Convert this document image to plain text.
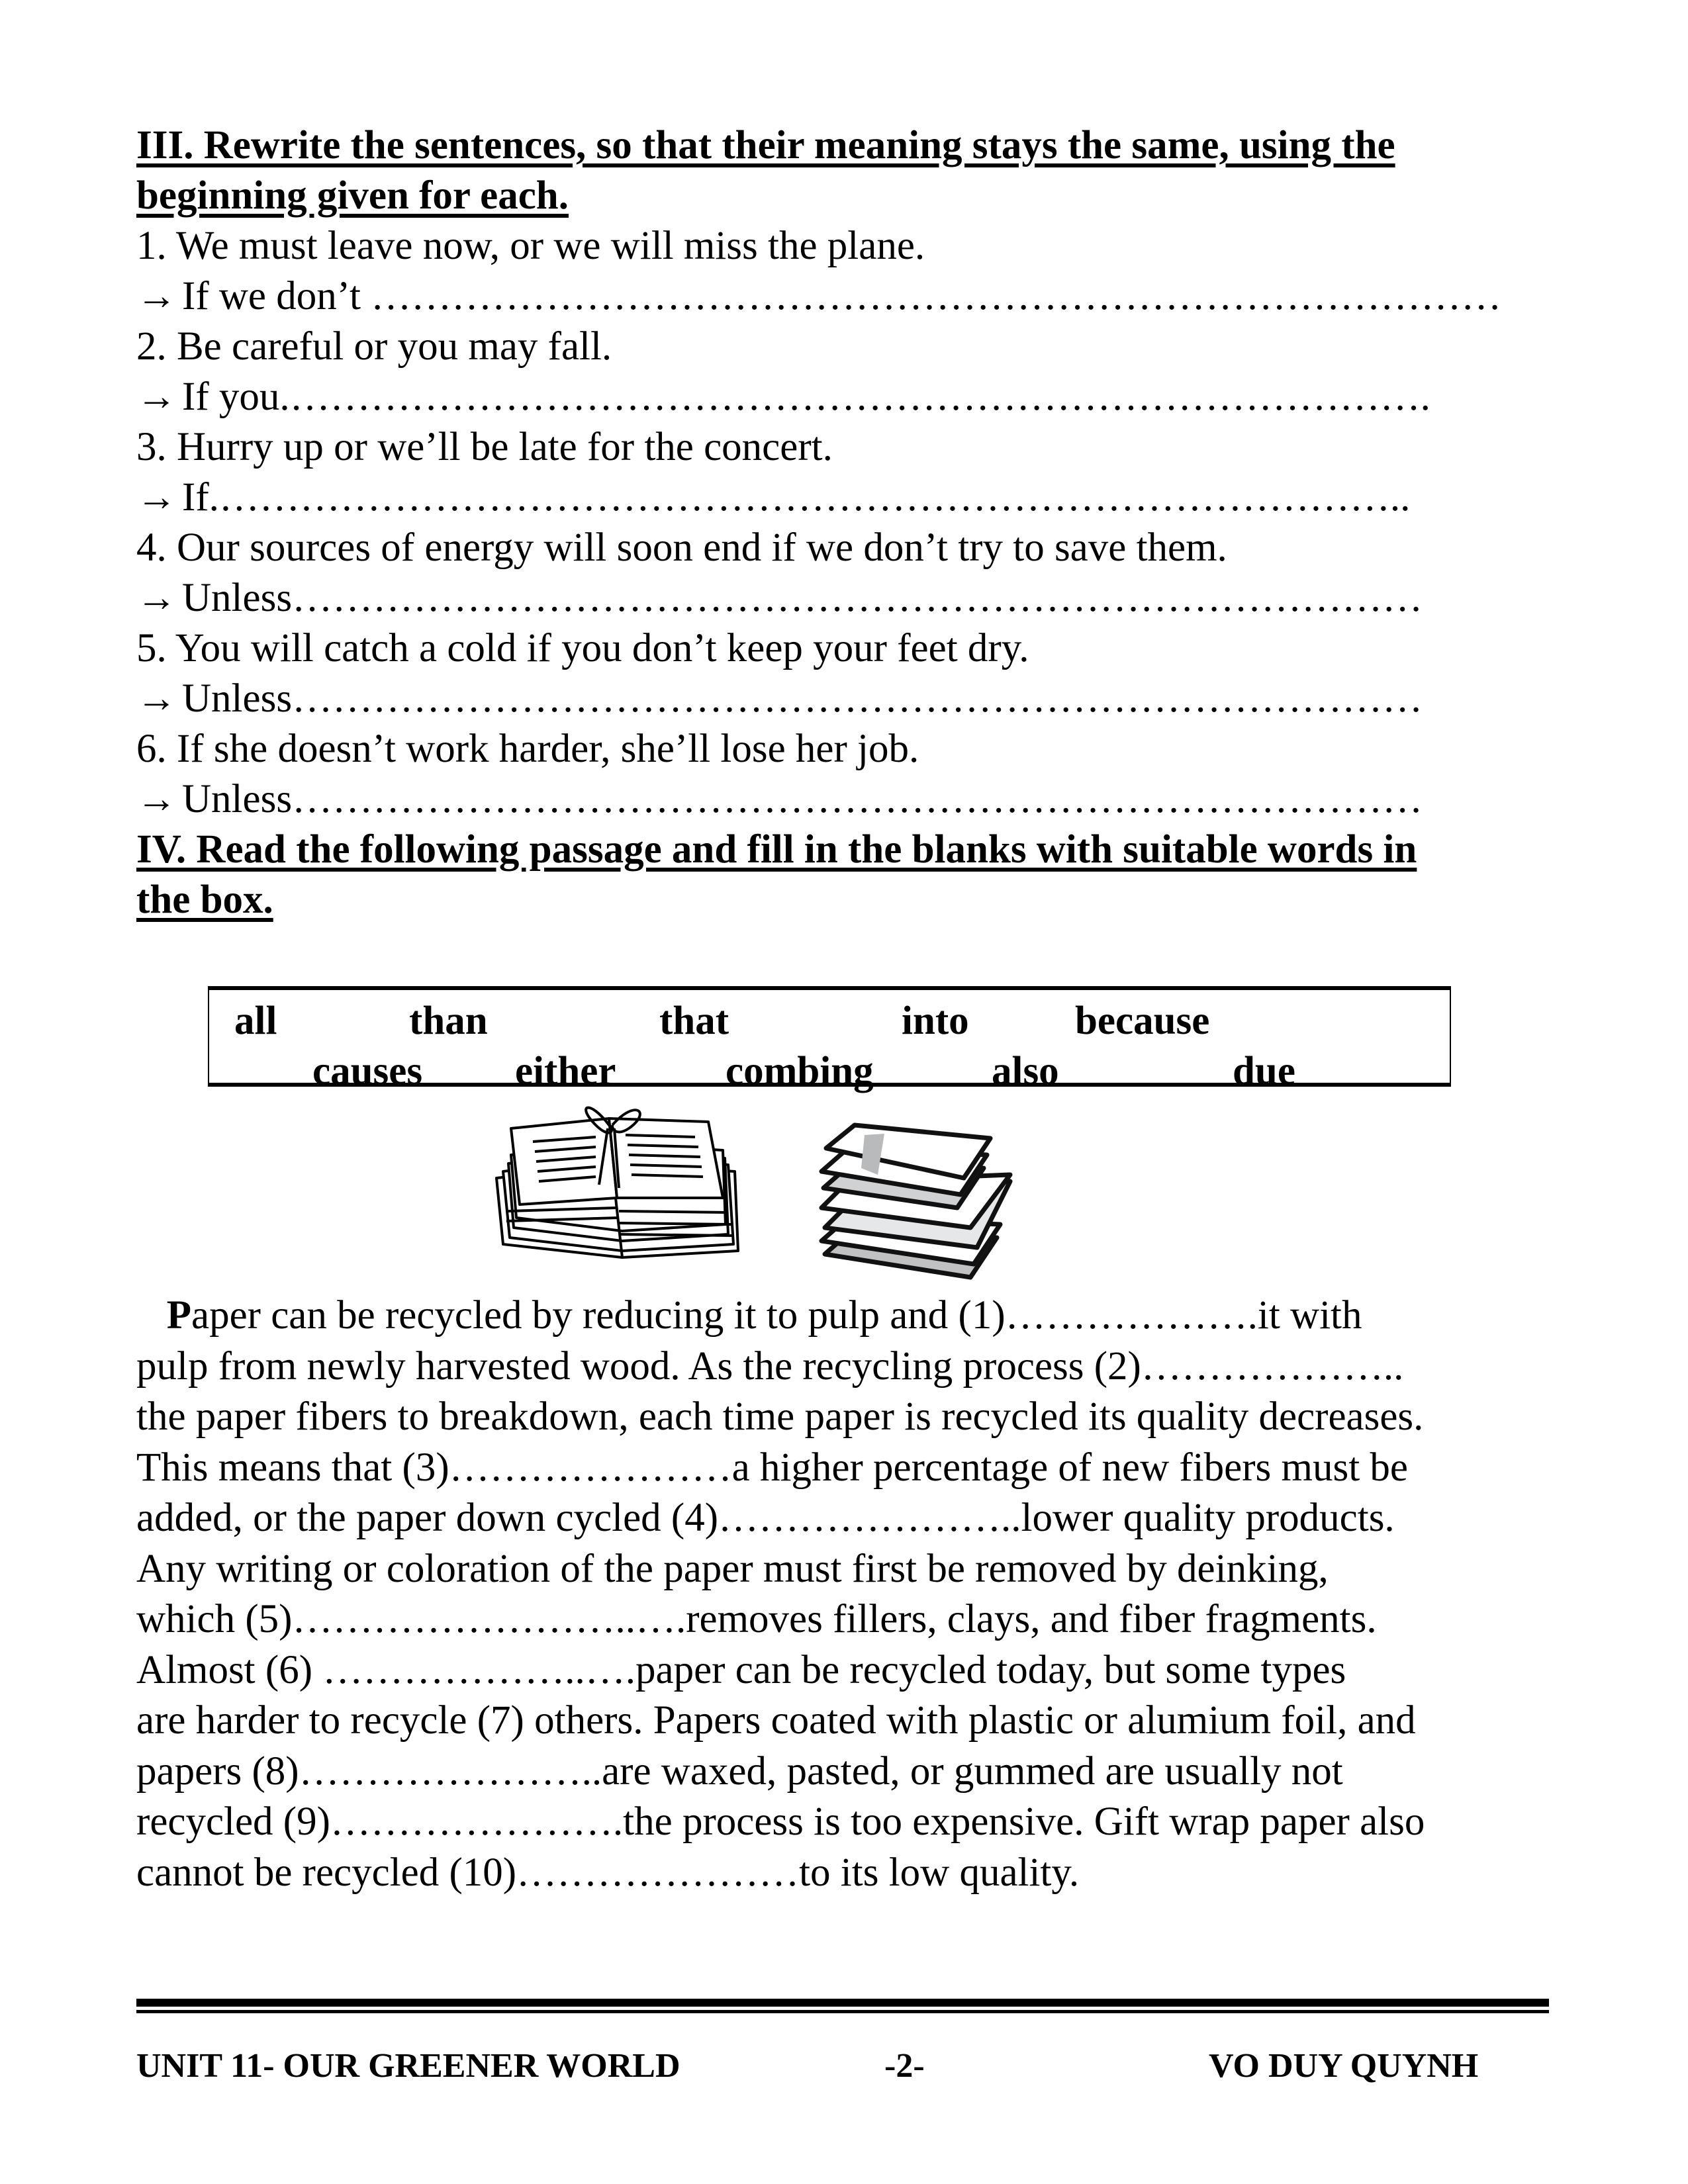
III. Rewrite the sentences, so that their meaning stays the same, using the
beginning given for each.
1. We must leave now, or we will miss the plane.
→ If we don’t …………………………………………………………………………
2. Be careful or you may fall.
→ If you.………………………………………………………………………….
3. Hurry up or we’ll be late for the concert.
→ If.……………………………………………………………………………..
4. Our sources of energy will soon end if we don’t try to save them.
→ Unless…………………………………………………………………………
5. You will catch a cold if you don’t keep your feet dry.
→ Unless…………………………………………………………………………
6. If she doesn’t work harder, she’ll lose her job.
→ Unless…………………………………………………………………………
IV. Read the following passage and fill in the blanks with suitable words in
the box.
all	than	that	into	because
causes either	combing	also	due
Paper can be recycled by reducing it to pulp and (1)……………….it with
pulp from newly harvested wood. As the recycling process (2)………………..
the paper fibers to breakdown, each time paper is recycled its quality decreases.
This means that (3)…………………a higher percentage of new fibers must be
added, or the paper down cycled (4)…………………..lower quality products.
Any writing or coloration of the paper must first be removed by deinking,
which (5)……………………..….removes fillers, clays, and fiber fragments.
Almost (6) ………………..….paper can be recycled today, but some types
are harder to recycle (7) others. Papers coated with plastic or alumium foil, and
papers (8)…………………..are waxed, pasted, or gummed are usually not
recycled (9)………………….the process is too expensive. Gift wrap paper also
cannot be recycled (10)…………………to its low quality.
UNIT 11- OUR GREENER WORLD	-2-	VO DUY QUYNH
